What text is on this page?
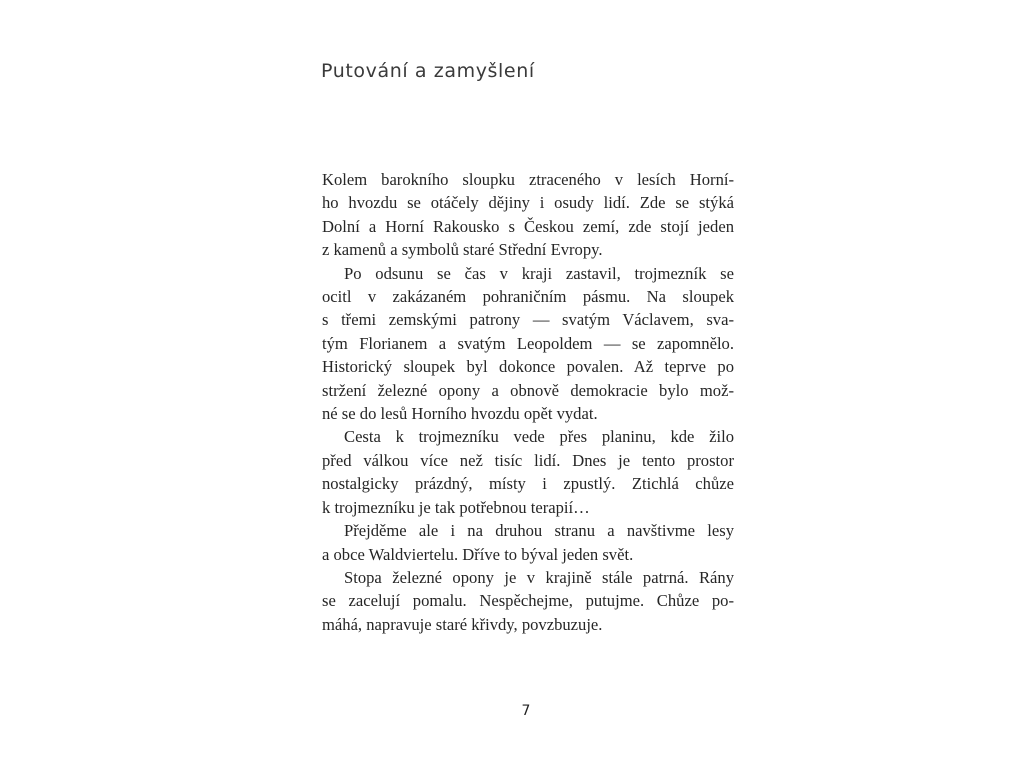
Putování a zamyšlení

Kolem barokního sloupku ztraceného v lesích Horní-
ho hvozdu se otáčely dějiny i osudy lidí. Zde se stýká
Dolní a Horní Rakousko s Českou zemí, zde stojí jeden
z kamenů a symbolů staré Střední Evropy.

Po odsunu se čas v kraji zastavil, trojmezník se
ocitl v zakázaném pohraničním pásmu. Na sloupek
s třemi zemskými patrony — svatým Václavem, sva-
tým Florianem a svatým Leopoldem — se zapomnělo.
Historický sloupek byl dokonce povalen. Až teprve po
stržení železné opony a obnově demokracie bylo mož-
né se do lesů Horního hvozdu opět vydat.

Cesta k trojmezníku vede přes planinu, kde žilo
před válkou více než tisíc lidí. Dnes je tento prostor
nostalgicky prázdný, místy i zpustlý. Ztichlá chůze
k trojmezníku je tak potřebnou terapií…

Přejděme ale i na druhou stranu a navštivme lesy
a obce Waldviertelu. Dříve to býval jeden svět.

Stopa železné opony je v krajině stále patrná. Rány
se zacelují pomalu. Nespěchejme, putujme. Chůze po-
máhá, napravuje staré křivdy, povzbuzuje.

7
